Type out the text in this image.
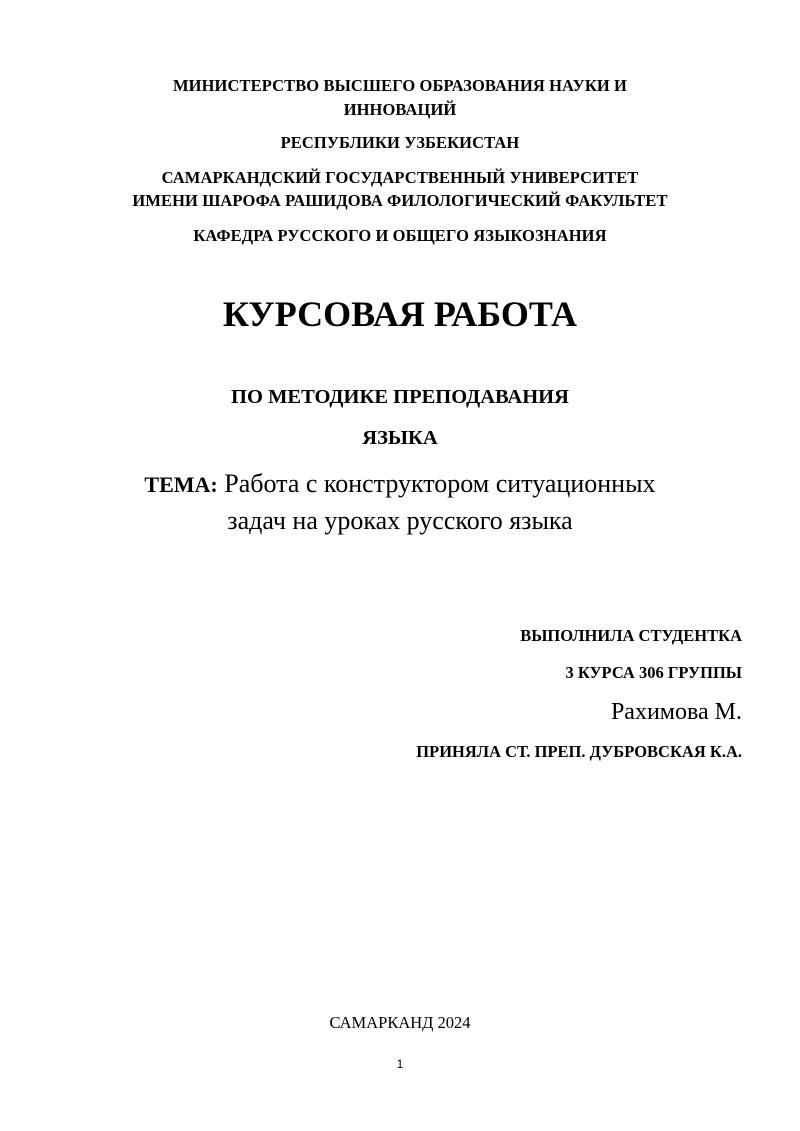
МИНИСТЕРСТВО ВЫСШЕГО ОБРАЗОВАНИЯ НАУКИ И
ИННОВАЦИЙ
РЕСПУБЛИКИ УЗБЕКИСТАН
САМАРКАНДСКИЙ ГОСУДАРСТВЕННЫЙ УНИВЕРСИТЕТ
ИМЕНИ ШАРОФА РАШИДОВА ФИЛОЛОГИЧЕСКИЙ ФАКУЛЬТЕТ
КАФЕДРА РУССКОГО И ОБЩЕГО ЯЗЫКОЗНАНИЯ
КУРСОВАЯ РАБОТА
ПО МЕТОДИКЕ ПРЕПОДАВАНИЯ
ЯЗЫКА
ТЕМА: Работа с конструктором ситуационных
задач на уроках русского языка
ВЫПОЛНИЛА СТУДЕНТКА
3 КУРСА 306 ГРУППЫ
Рахимова М.
ПРИНЯЛА СТ. ПРЕП. ДУБРОВСКАЯ К.А.
САМАРКАНД 2024
1
